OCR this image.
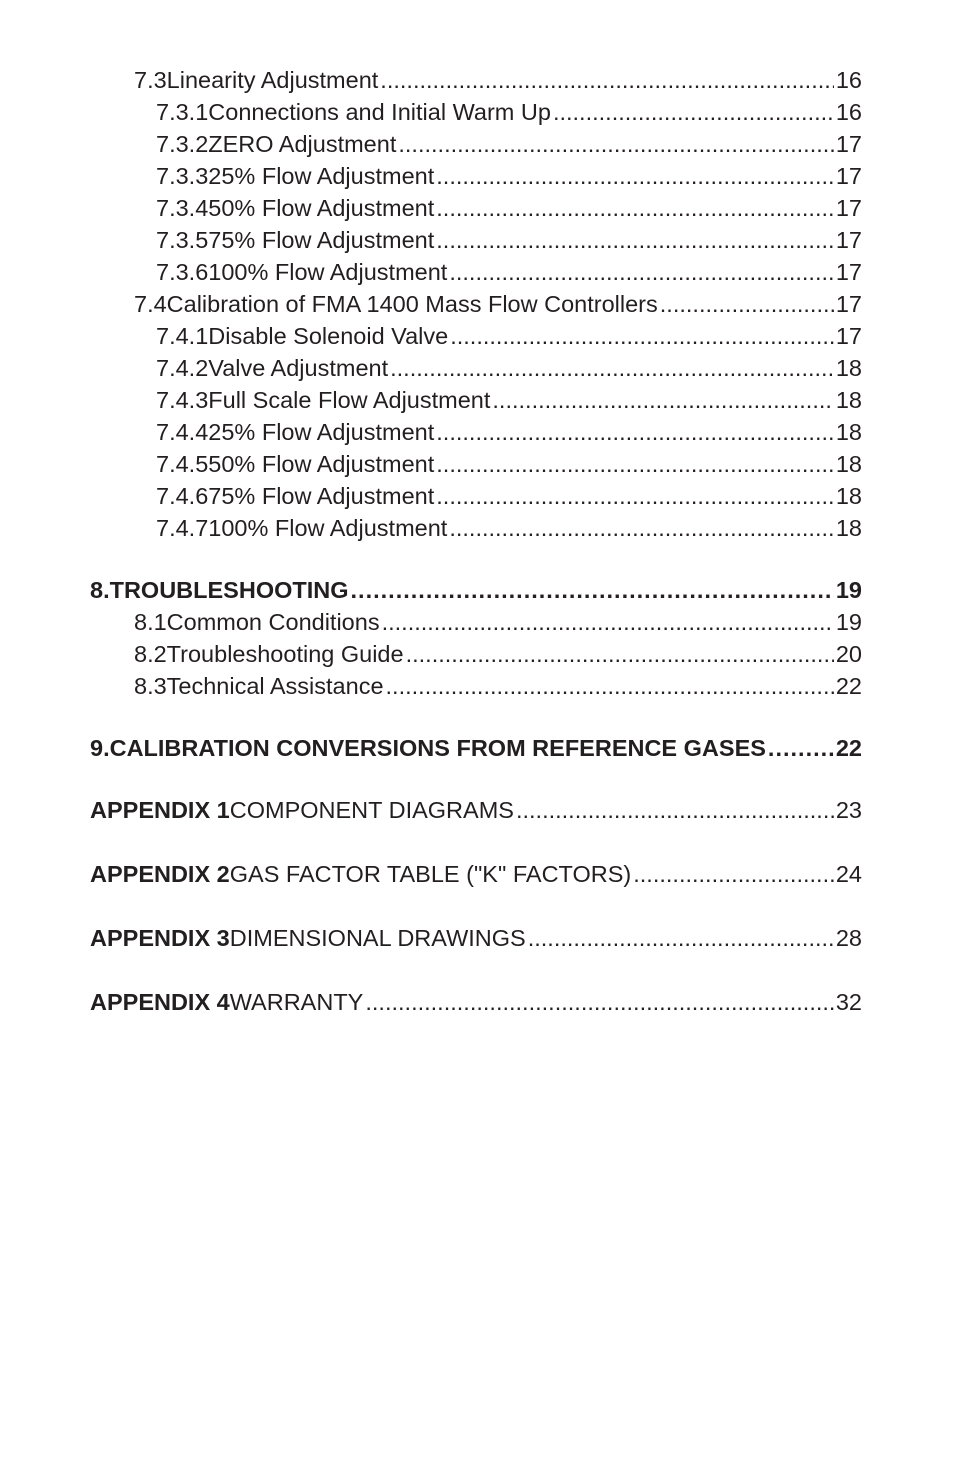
7.3 Linearity Adjustment .....	16
7.3.1 Connections and Initial Warm Up .....	16
7.3.2 ZERO Adjustment .....	17
7.3.3 25% Flow Adjustment .....	17
7.3.4 50% Flow Adjustment .....	17
7.3.5 75% Flow Adjustment .....	17
7.3.6 100% Flow Adjustment .....	17
7.4 Calibration of FMA 1400 Mass Flow Controllers .....	17
7.4.1 Disable Solenoid Valve .....	17
7.4.2 Valve Adjustment .....	18
7.4.3 Full Scale Flow Adjustment .....	18
7.4.4 25% Flow Adjustment .....	18
7.4.5 50% Flow Adjustment .....	18
7.4.6 75% Flow Adjustment .....	18
7.4.7 100% Flow Adjustment .....	18
8. TROUBLESHOOTING .....	19
8.1 Common Conditions .....	19
8.2 Troubleshooting Guide .....	20
8.3 Technical Assistance .....	22
9. CALIBRATION CONVERSIONS FROM REFERENCE GASES .....	22
APPENDIX 1 COMPONENT DIAGRAMS .....	23
APPENDIX 2 GAS FACTOR TABLE ("K" FACTORS) .....	24
APPENDIX 3 DIMENSIONAL DRAWINGS .....	28
APPENDIX 4 WARRANTY .....	32
